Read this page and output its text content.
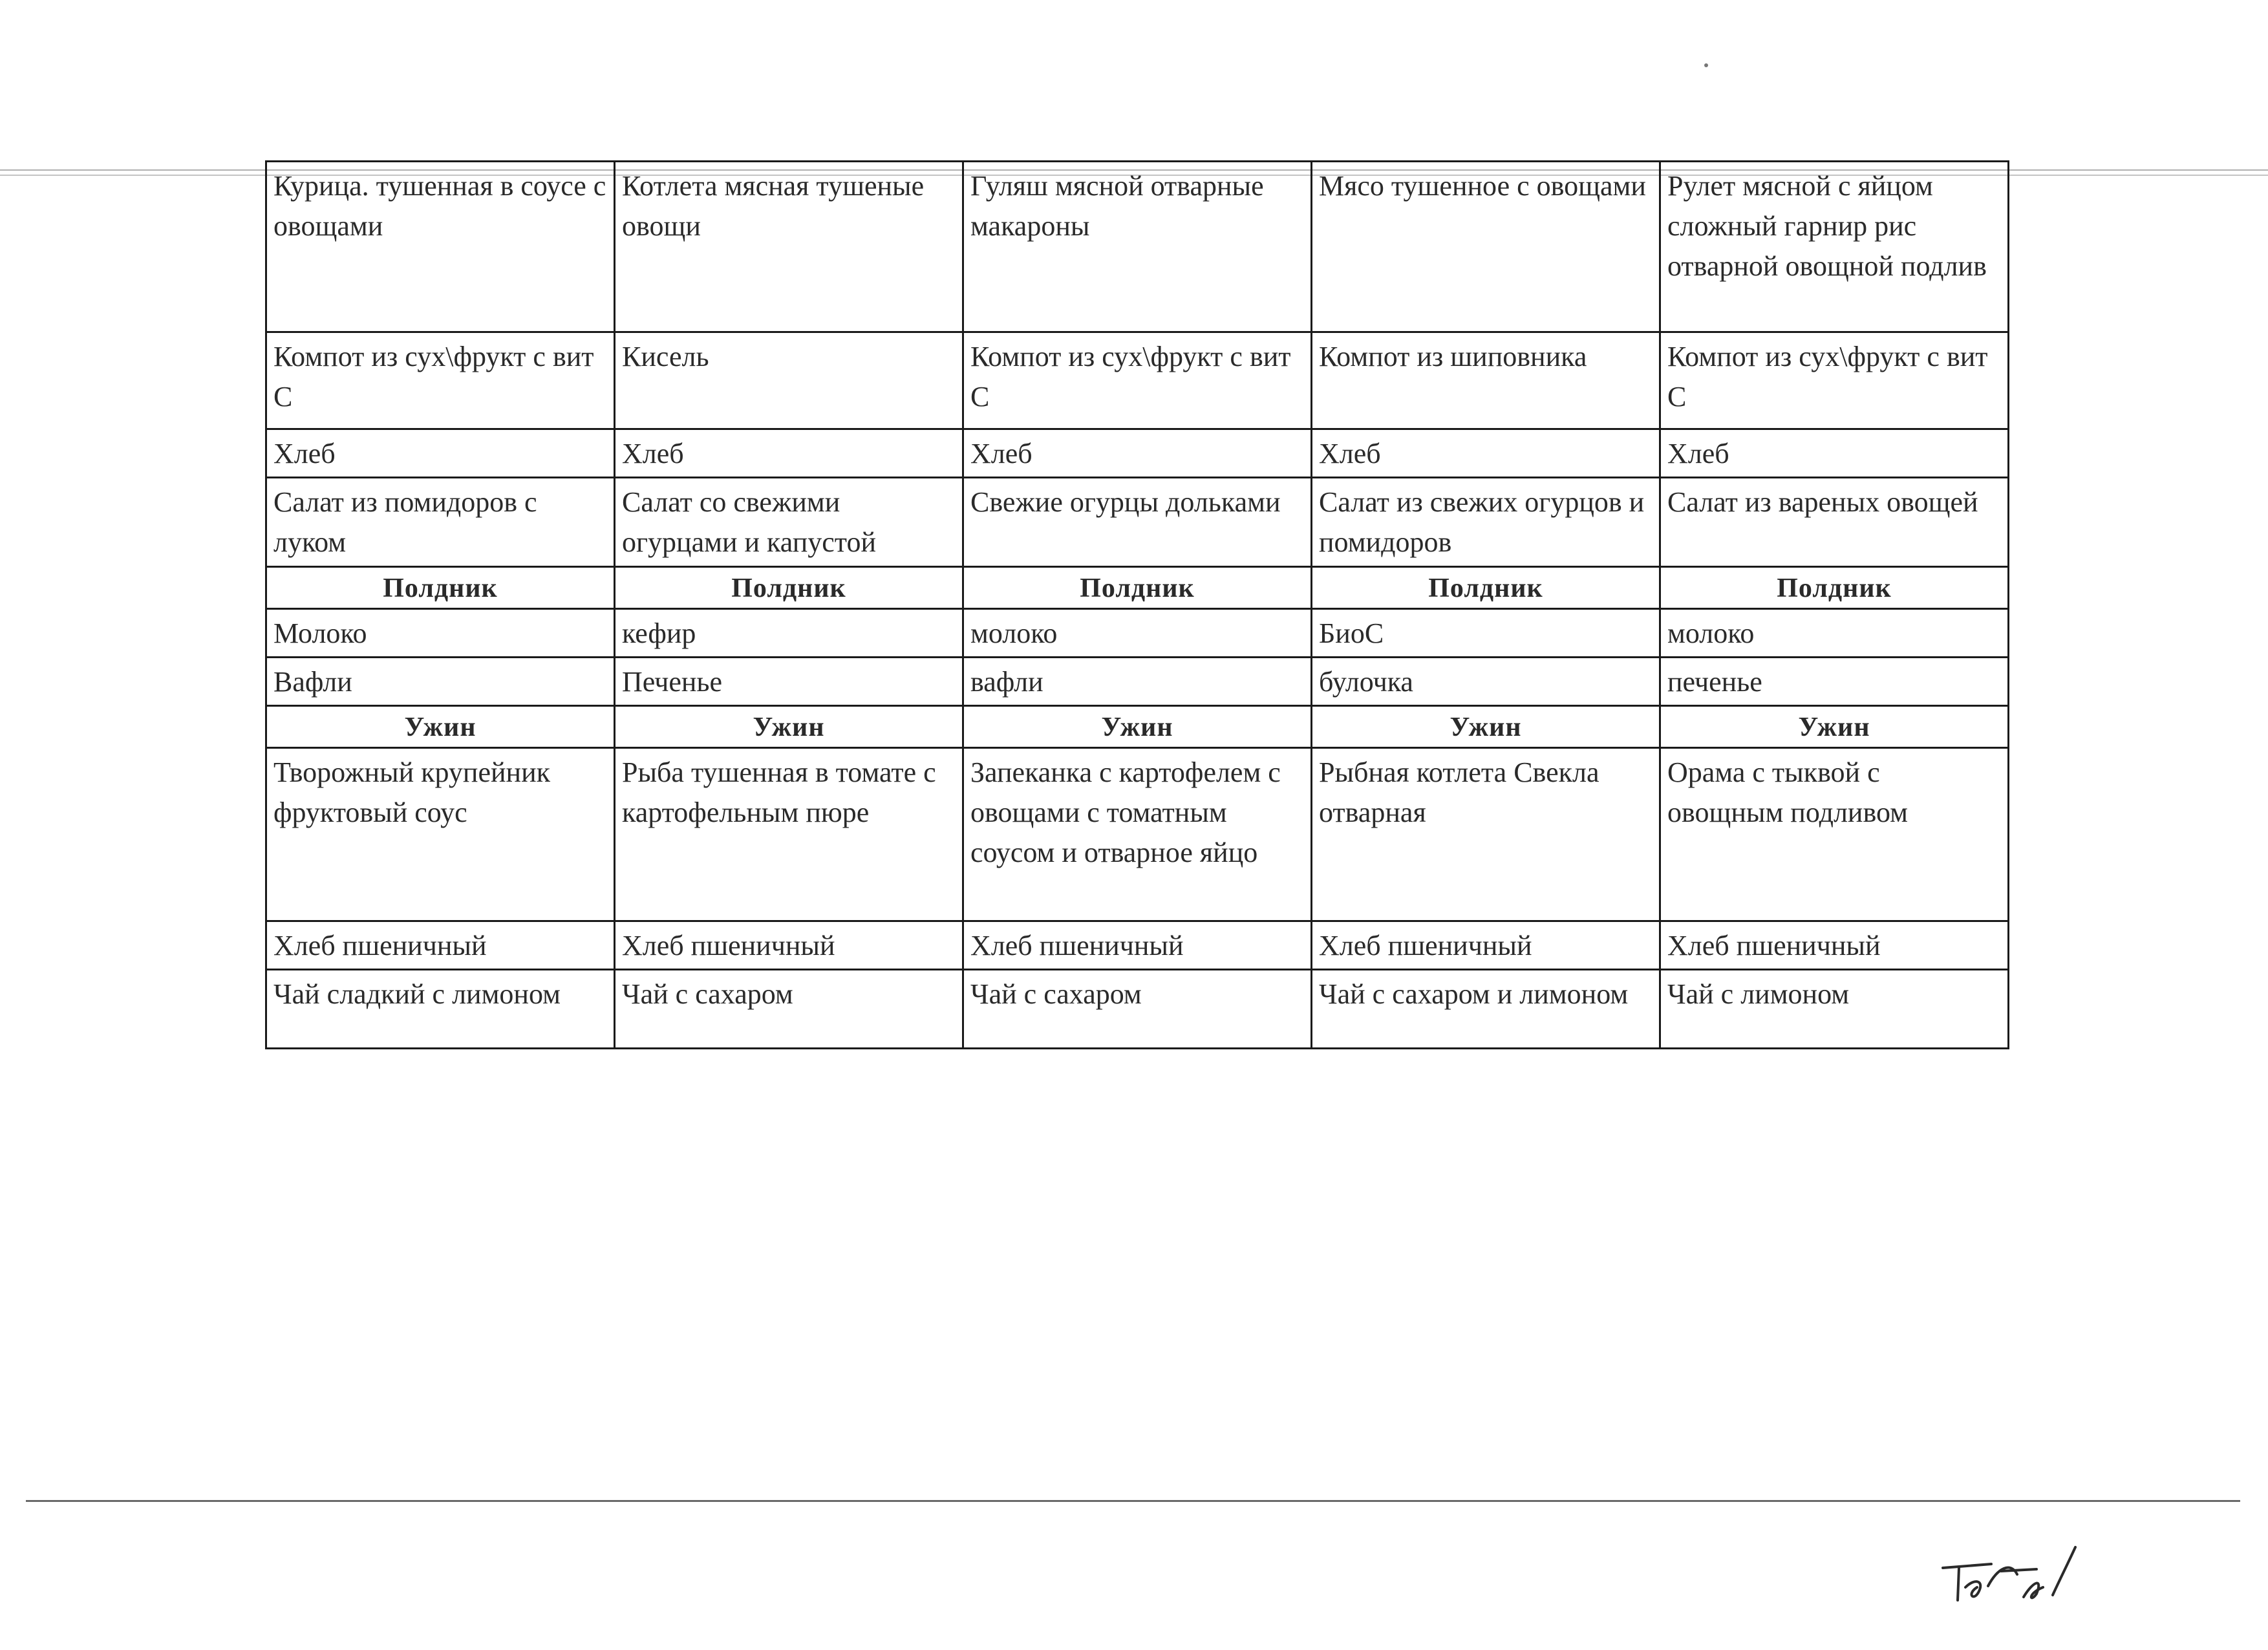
Курица. тушенная в соусе с овощами	Котлета мясная тушеные овощи	Гуляш мясной отварные макароны	Мясо тушенное с овощами	Рулет мясной с яйцом сложный гарнир рис отварной овощной подлив
Компот из сух\фрукт с вит С	Кисель	Компот из сух\фрукт с вит С	Компот из шиповника	Компот из сух\фрукт с вит С
Хлеб	Хлеб	Хлеб	Хлеб	Хлеб
Салат из помидоров с луком	Салат со свежими огурцами и капустой	Свежие огурцы дольками	Салат из свежих огурцов и помидоров	Салат из вареных овощей
Полдник	Полдник	Полдник	Полдник	Полдник
Молоко	кефир	молоко	БиоС	молоко
Вафли	Печенье	вафли	булочка	печенье
Ужин	Ужин	Ужин	Ужин	Ужин
Творожный крупейник фруктовый соус	Рыба тушенная в томате с картофельным пюре	Запеканка с картофелем с овощами с томатным соусом и отварное яйцо	Рыбная котлета Свекла отварная	Орама с тыквой с овощным подливом
Хлеб пшеничный	Хлеб пшеничный	Хлеб пшеничный	Хлеб пшеничный	Хлеб пшеничный
Чай сладкий с лимоном	Чай с сахаром	Чай с сахаром	Чай с сахаром и лимоном	Чай с лимоном
